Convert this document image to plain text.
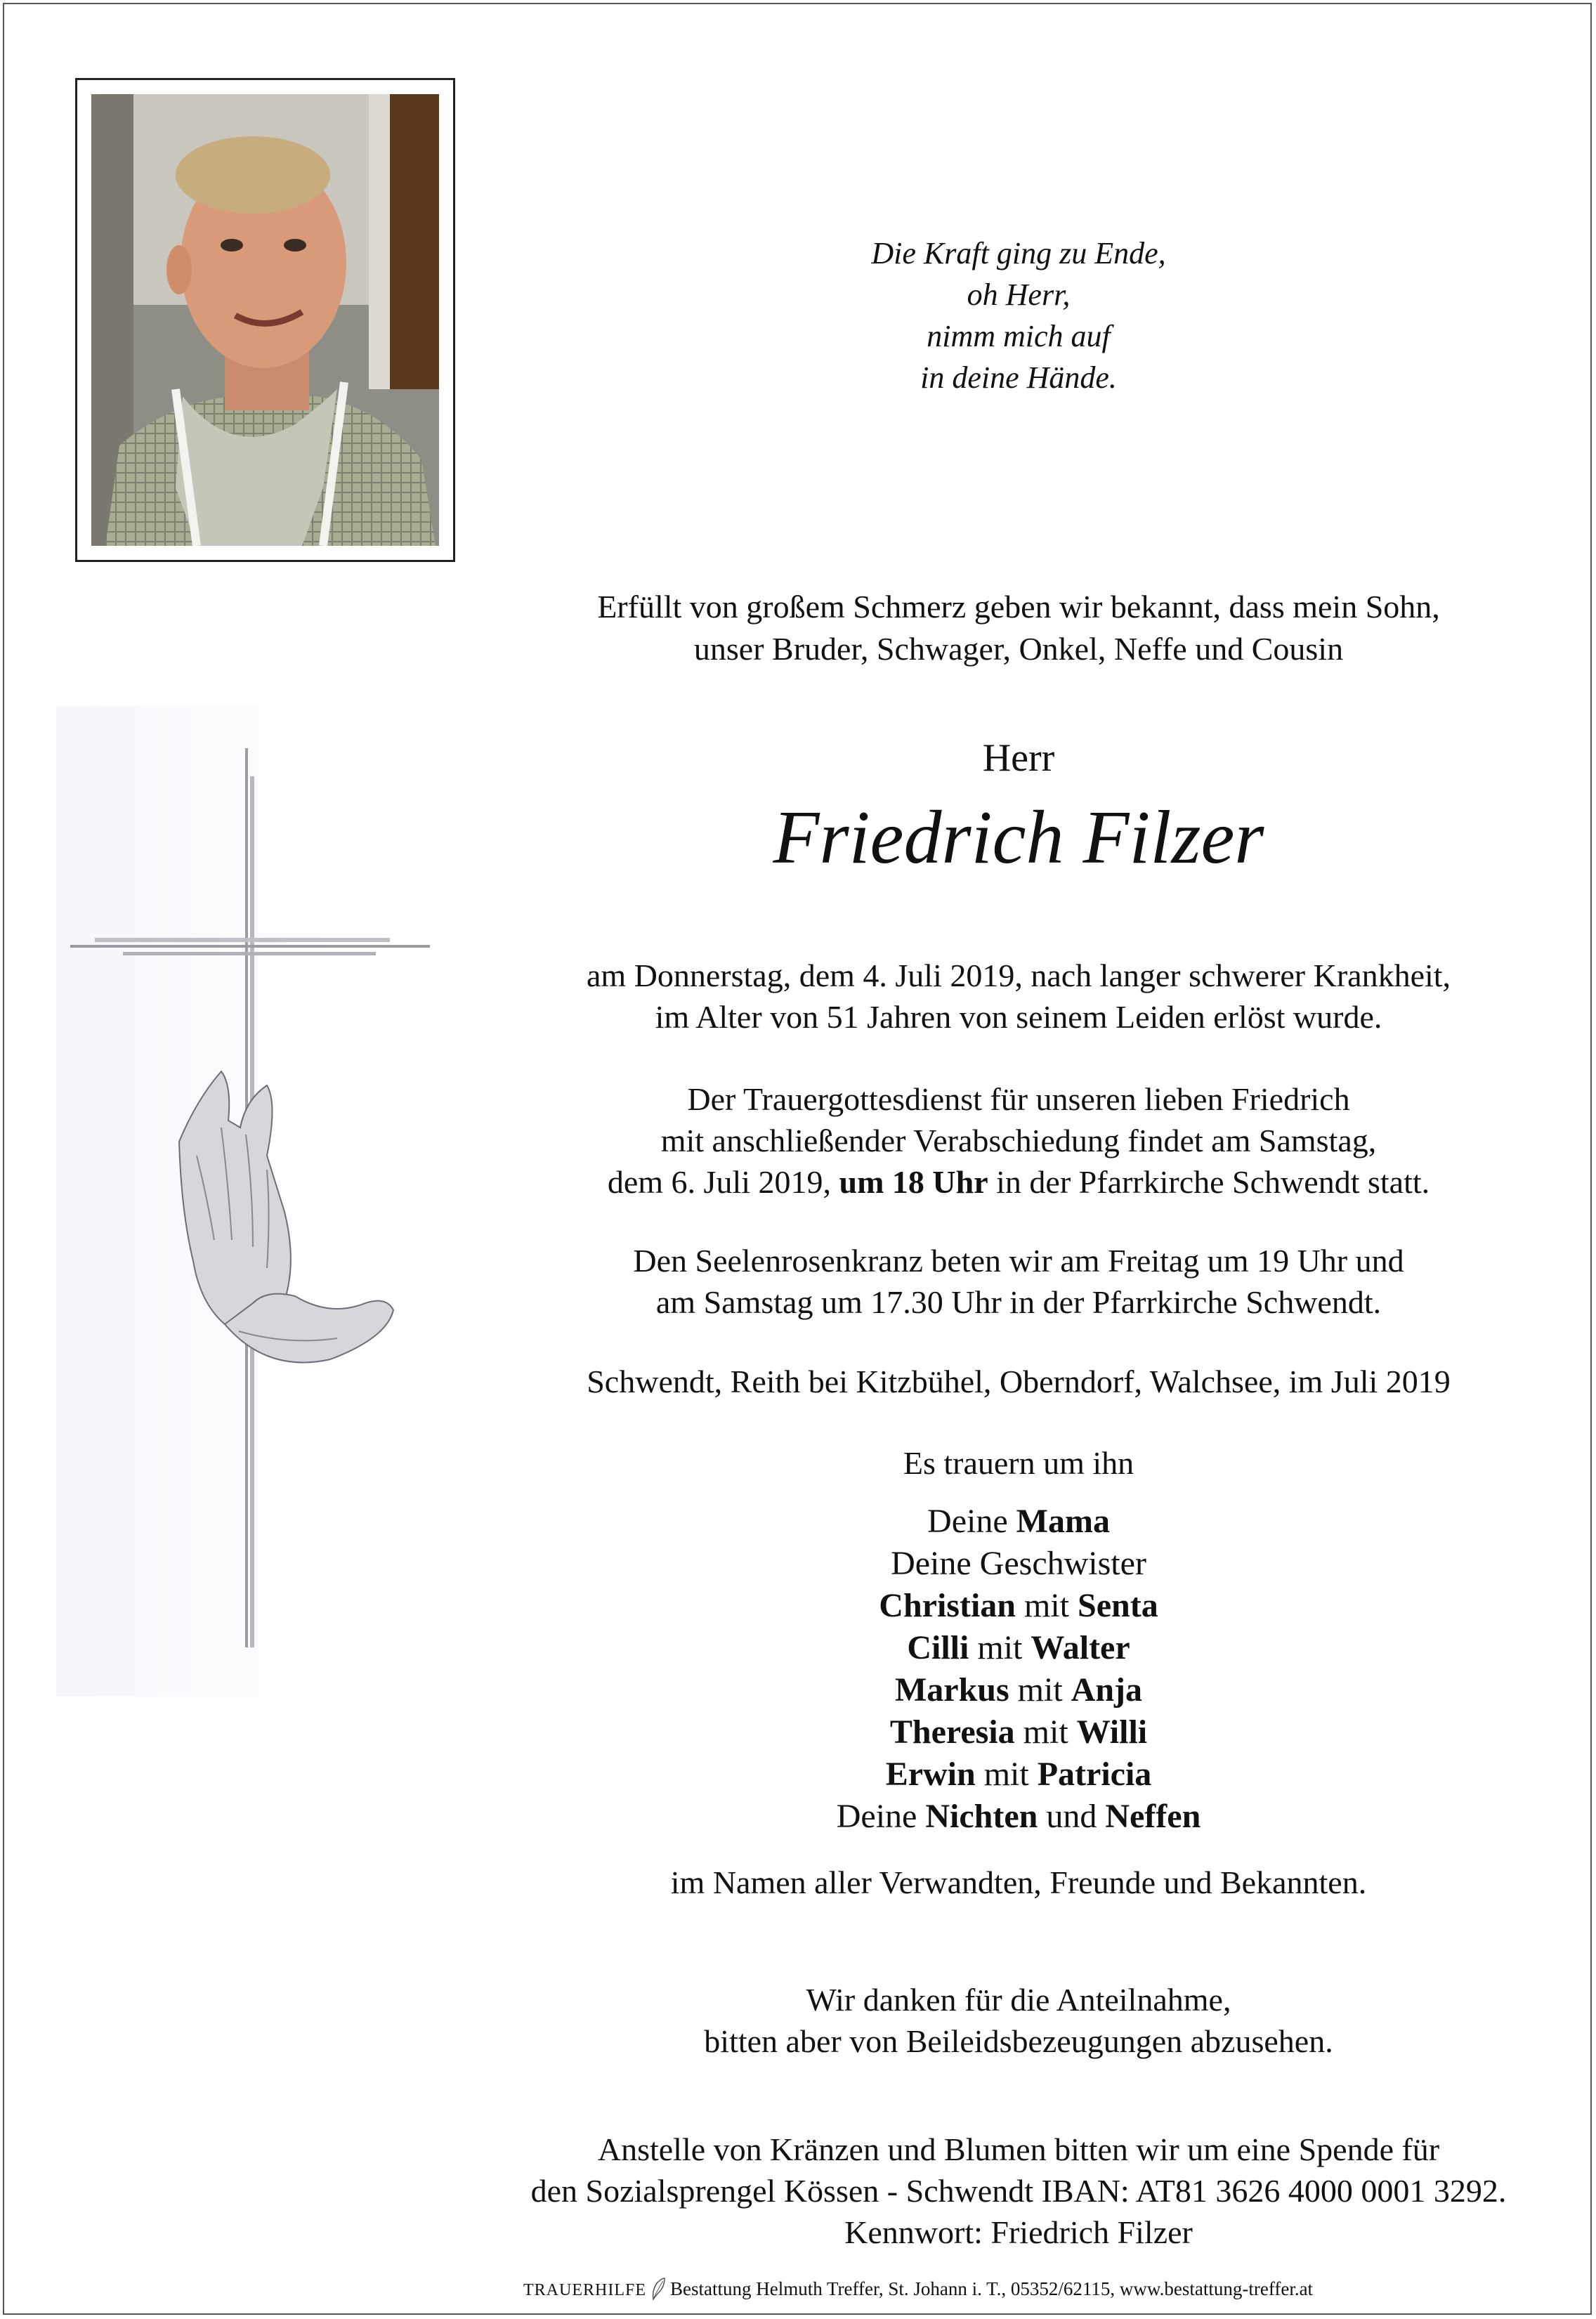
Die Kraft ging zu Ende,
oh Herr,
nimm mich auf
in deine Hände.
Erfüllt von großem Schmerz geben wir bekannt, dass mein Sohn,
unser Bruder, Schwager, Onkel, Neffe und Cousin
Herr
Friedrich Filzer
am Donnerstag, dem 4. Juli 2019, nach langer schwerer Krankheit,
im Alter von 51 Jahren von seinem Leiden erlöst wurde.
Der Trauergottesdienst für unseren lieben Friedrich
mit anschließender Verabschiedung findet am Samstag,
dem 6. Juli 2019, um 18 Uhr in der Pfarrkirche Schwendt statt.
Den Seelenrosenkranz beten wir am Freitag um 19 Uhr und
am Samstag um 17.30 Uhr in der Pfarrkirche Schwendt.
Schwendt, Reith bei Kitzbühel, Oberndorf, Walchsee, im Juli 2019
Es trauern um ihn
Deine Mama
Deine Geschwister
Christian mit Senta
Cilli mit Walter
Markus mit Anja
Theresia mit Willi
Erwin mit Patricia
Deine Nichten und Neffen
im Namen aller Verwandten, Freunde und Bekannten.
Wir danken für die Anteilnahme,
bitten aber von Beileidsbezeugungen abzusehen.
Anstelle von Kränzen und Blumen bitten wir um eine Spende für
den Sozialsprengel Kössen - Schwendt IBAN: AT81 3626 4000 0001 3292.
Kennwort: Friedrich Filzer
TRAUERHILFE Bestattung Helmuth Treffer, St. Johann i. T., 05352/62115, www.bestattung-treffer.at
